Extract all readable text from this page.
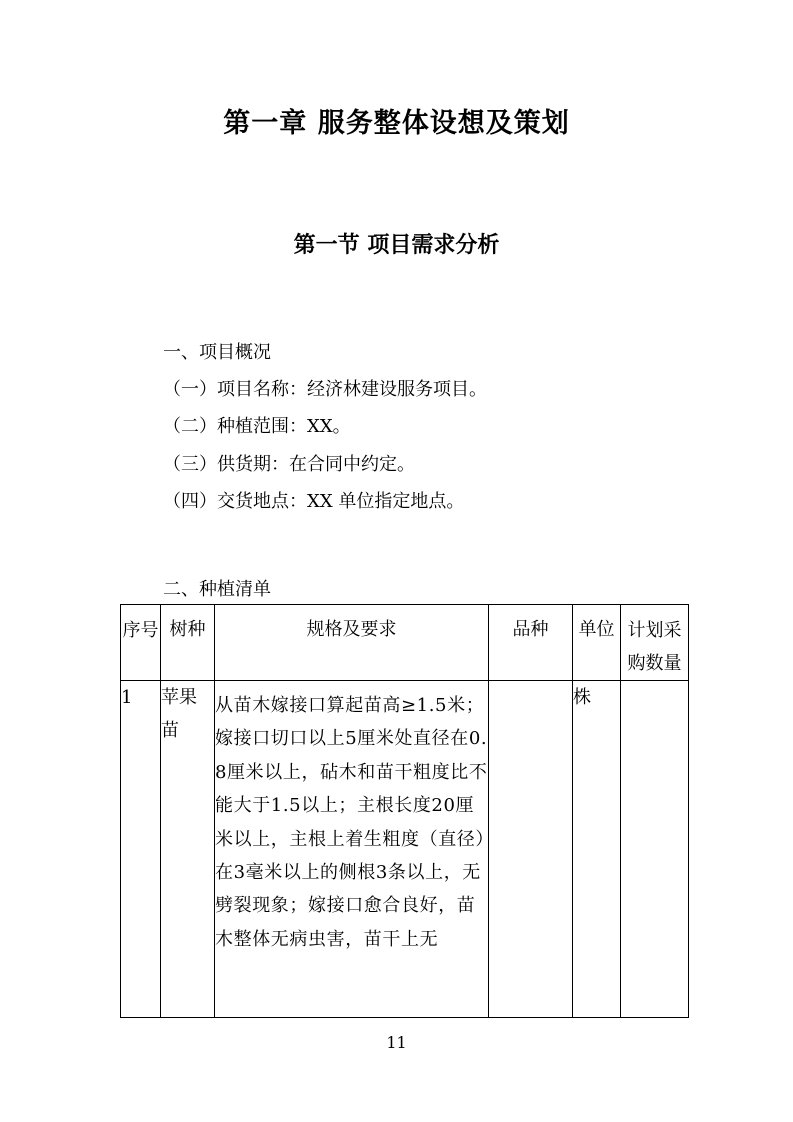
第一章 服务整体设想及策划
第一节 项目需求分析
一、项目概况
（一）项目名称：经济林建设服务项目。
（二）种植范围：XX。
（三）供货期：在合同中约定。
（四）交货地点：XX 单位指定地点。
二、种植清单
序号	树种	规格及要求	品种	单位	计划采购数量

1	苹果苗	从苗木嫁接口算起苗高≥1.5米；嫁接口切口以上5厘米处直径在0.8厘米以上，砧木和苗干粗度比不能大于1.5以上；主根长度20厘米以上，主根上着生粗度（直径）在3毫米以上的侧根3条以上，无劈裂现象；嫁接口愈合良好，苗木整体无病虫害，苗干上无		株	

11
